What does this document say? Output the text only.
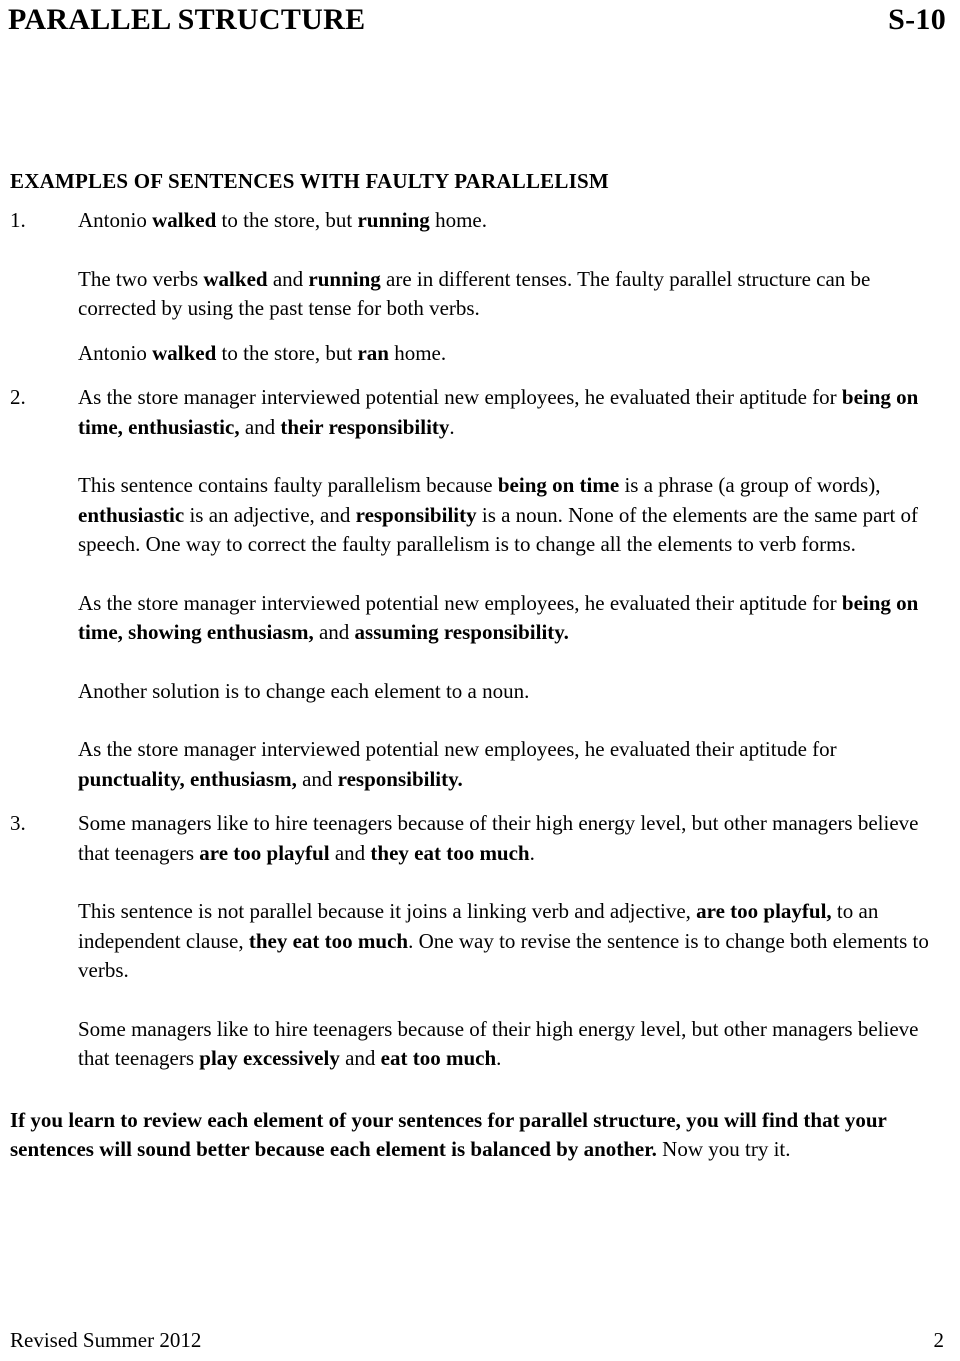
PARALLEL STRUCTURE	S-10
EXAMPLES OF SENTENCES WITH FAULTY PARALLELISM
1.	Antonio walked to the store, but running home.

The two verbs walked and running are in different tenses. The faulty parallel structure can be corrected by using the past tense for both verbs.

Antonio walked to the store, but ran home.

2.	As the store manager interviewed potential new employees, he evaluated their aptitude for being on time, enthusiastic, and their responsibility.

This sentence contains faulty parallelism because being on time is a phrase (a group of words), enthusiastic is an adjective, and responsibility is a noun. None of the elements are the same part of speech. One way to correct the faulty parallelism is to change all the elements to verb forms.

As the store manager interviewed potential new employees, he evaluated their aptitude for being on time, showing enthusiasm, and assuming responsibility.

Another solution is to change each element to a noun.

As the store manager interviewed potential new employees, he evaluated their aptitude for punctuality, enthusiasm, and responsibility.

3.	Some managers like to hire teenagers because of their high energy level, but other managers believe that teenagers are too playful and they eat too much.

This sentence is not parallel because it joins a linking verb and adjective, are too playful, to an independent clause, they eat too much. One way to revise the sentence is to change both elements to verbs.

Some managers like to hire teenagers because of their high energy level, but other managers believe that teenagers play excessively and eat too much.

If you learn to review each element of your sentences for parallel structure, you will find that your sentences will sound better because each element is balanced by another. Now you try it.

Revised Summer 2012	2
